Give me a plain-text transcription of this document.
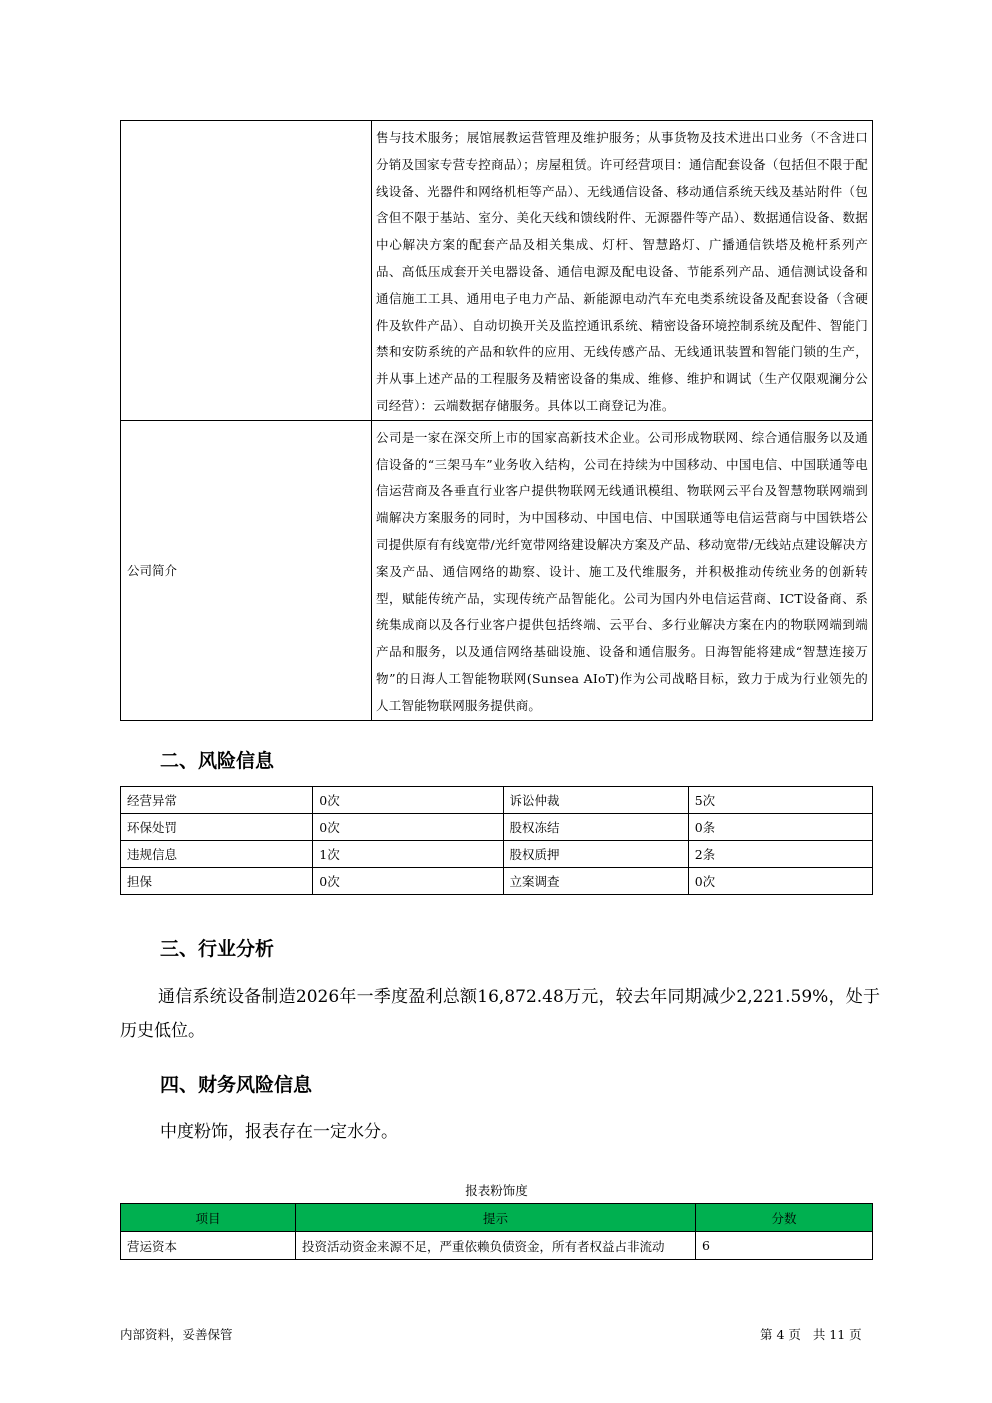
	售与技术服务；展馆展教运营管理及维护服务；从事货物及技术进出口业务（不含进口分销及国家专营专控商品）；房屋租赁。许可经营项目：通信配套设备（包括但不限于配线设备、光器件和网络机柜等产品）、无线通信设备、移动通信系统天线及基站附件（包含但不限于基站、室分、美化天线和馈线附件、无源器件等产品）、数据通信设备、数据中心解决方案的配套产品及相关集成、灯杆、智慧路灯、广播通信铁塔及桅杆系列产品、高低压成套开关电器设备、通信电源及配电设备、节能系列产品、通信测试设备和通信施工工具、通用电子电力产品、新能源电动汽车充电类系统设备及配套设备（含硬件及软件产品）、自动切换开关及监控通讯系统、精密设备环境控制系统及配件、智能门禁和安防系统的产品和软件的应用、无线传感产品、无线通讯装置和智能门锁的生产，并从事上述产品的工程服务及精密设备的集成、维修、维护和调试（生产仅限观澜分公司经营）：云端数据存储服务。具体以工商登记为准。
公司简介	公司是一家在深交所上市的国家高新技术企业。公司形成物联网、综合通信服务以及通信设备的“三架马车”业务收入结构，公司在持续为中国移动、中国电信、中国联通等电信运营商及各垂直行业客户提供物联网无线通讯模组、物联网云平台及智慧物联网端到端解决方案服务的同时，为中国移动、中国电信、中国联通等电信运营商与中国铁塔公司提供原有有线宽带/光纤宽带网络建设解决方案及产品、移动宽带/无线站点建设解决方案及产品、通信网络的勘察、设计、施工及代维服务，并积极推动传统业务的创新转型，赋能传统产品，实现传统产品智能化。公司为国内外电信运营商、ICT设备商、系统集成商以及各行业客户提供包括终端、云平台、多行业解决方案在内的物联网端到端产品和服务，以及通信网络基础设施、设备和通信服务。日海智能将建成“智慧连接万物”的日海人工智能物联网(Sunsea AIoT)作为公司战略目标，致力于成为行业领先的人工智能物联网服务提供商。
二、风险信息
经营异常	0次	诉讼仲裁	5次
环保处罚	0次	股权冻结	0条
违规信息	1次	股权质押	2条
担保	0次	立案调查	0次
三、行业分析
通信系统设备制造2026年一季度盈利总额16,872.48万元，较去年同期减少2,221.59%，处于历史低位。
四、财务风险信息
中度粉饰，报表存在一定水分。
报表粉饰度
项目	提示	分数
营运资本	投资活动资金来源不足，严重依赖负债资金，所有者权益占非流动	6
内部资料，妥善保管	第 4 页   共 11 页
